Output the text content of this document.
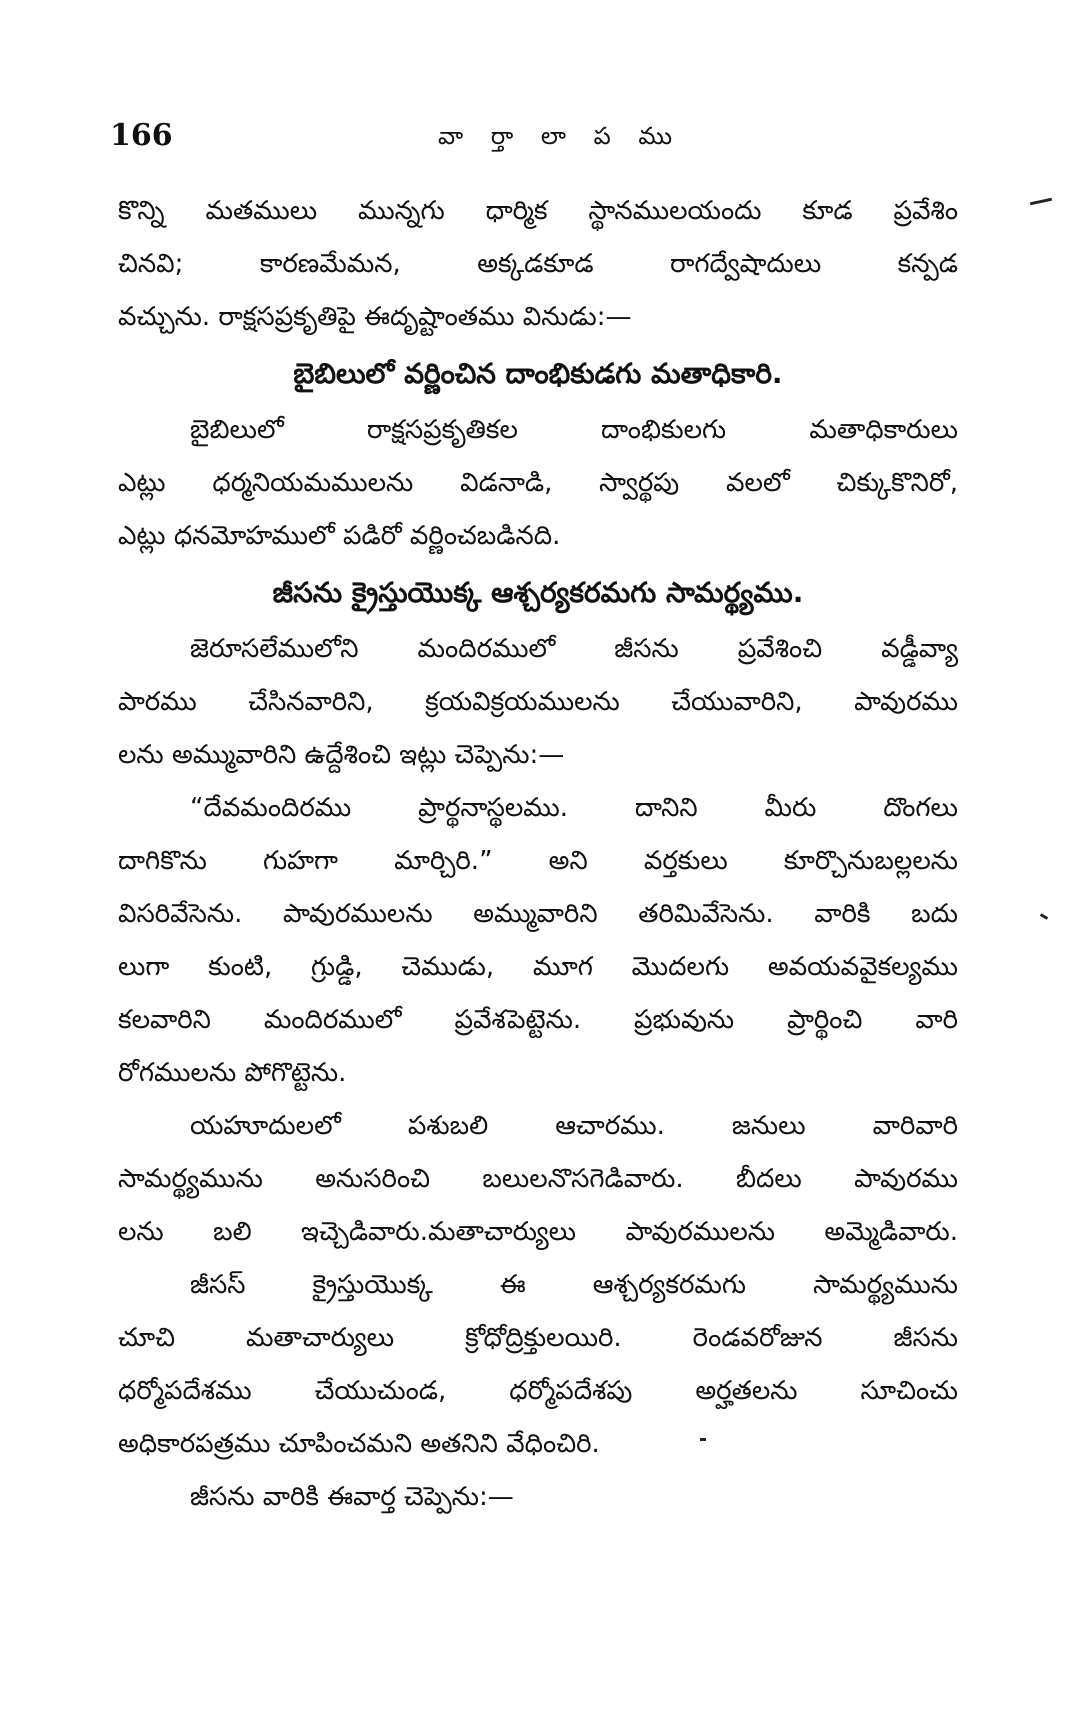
166	వా ర్తా లా ప ము
కొన్ని మతములు మున్నగు ధార్మిక స్థానములయందు కూడ ప్రవేశిం
చినవి; కారణమేమన, అక్కడకూడ రాగద్వేషాదులు కన్పడ
వచ్చును. రాక్షసప్రకృతిపై ఈదృష్టాంతము వినుడు:—
బైబిలులో వర్ణించిన దాంభికుడగు మతాధికారి.
బైబిలులో రాక్షసప్రకృతికల దాంభికులగు మతాధికారులు
ఎట్లు ధర్మనియమములను విడనాడి, స్వార్థపు వలలో చిక్కుకొనిరో,
ఎట్లు ధనమోహములో పడిరో వర్ణించబడినది.
జీసను క్రైస్తుయొక్క ఆశ్చర్యకరమగు సామర్థ్యము.
జెరూసలేములోని మందిరములో జీసను ప్రవేశించి వడ్డీవ్యా
పారము చేసినవారిని, క్రయవిక్రయములను చేయువారిని, పావురము
లను అమ్మువారిని ఉద్దేశించి ఇట్లు చెప్పెను:—
“దేవమందిరము ప్రార్థనాస్థలము. దానిని మీరు దొంగలు
దాగికొను గుహగా మార్చిరి.” అని వర్తకులు కూర్చొనుబల్లలను
విసరివేసెను. పావురములను అమ్మువారిని తరిమివేసెను. వారికి బదు
లుగా కుంటి, గ్రుడ్డి, చెముడు, మూగ మొదలగు అవయవవైకల్యము
కలవారిని మందిరములో ప్రవేశపెట్టెను. ప్రభువును ప్రార్థించి వారి
రోగములను పోగొట్టెను.
యహూదులలో పశుబలి ఆచారము. జనులు వారివారి
సామర్థ్యమును అనుసరించి బలులనొసగెడివారు. బీదలు పావురము
లను బలి ఇచ్చెడివారు.మతాచార్యులు పావురములను అమ్మెడివారు.
జీసస్ క్రైస్తుయొక్క ఈ ఆశ్చర్యకరమగు సామర్థ్యమును
చూచి మతాచార్యులు క్రోధోద్రిక్తులయిరి. రెండవరోజున జీసను
ధర్మోపదేశము చేయుచుండ, ధర్మోపదేశపు అర్హతలను సూచించు
అధికారపత్రము చూపించమని అతనిని వేధించిరి.
జీసను వారికి ఈవార్త చెప్పెను:—
